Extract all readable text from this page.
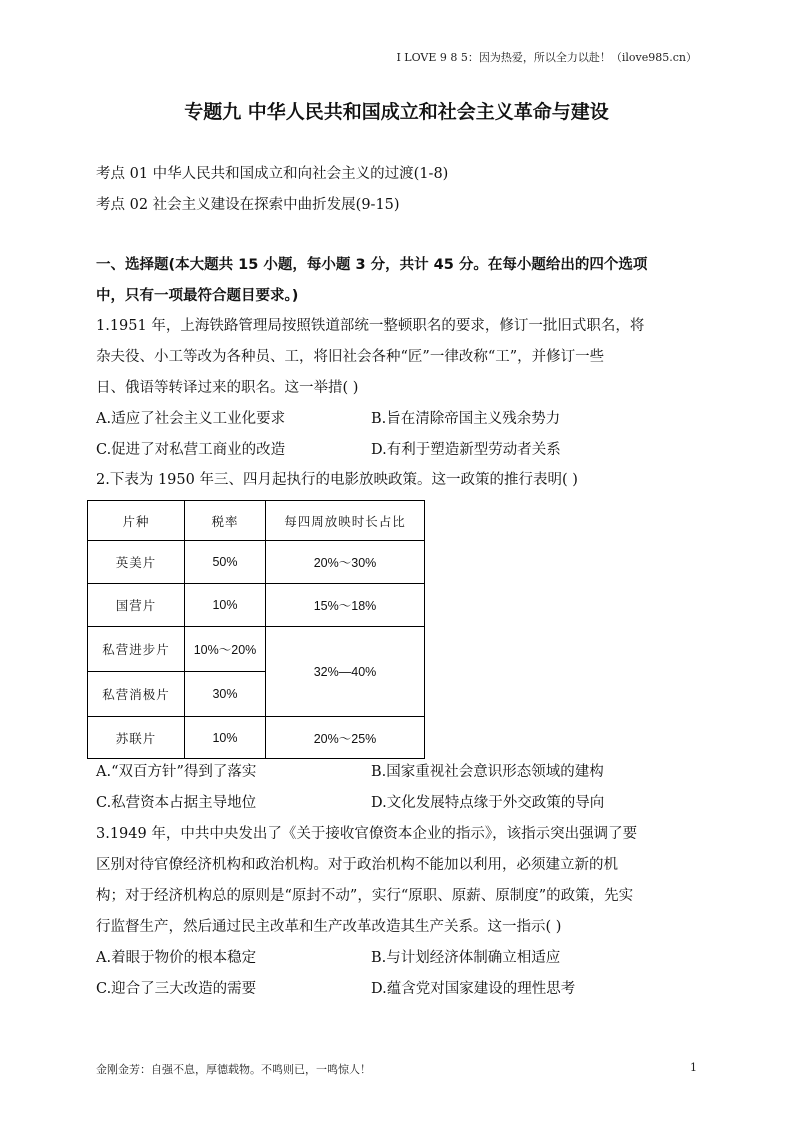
I LOVE 9 8 5：因为热爱，所以全力以赴！（ilove985.cn）
专题九 中华人民共和国成立和社会主义革命与建设
考点 01 中华人民共和国成立和向社会主义的过渡(1-8)
考点 02 社会主义建设在探索中曲折发展(9-15)
一、选择题(本大题共 15 小题，每小题 3 分，共计 45 分。在每小题给出的四个选项
中，只有一项最符合题目要求。)
1.1951 年，上海铁路管理局按照铁道部统一整顿职名的要求，修订一批旧式职名，将
杂夫役、小工等改为各种员、工，将旧社会各种“匠”一律改称“工”，并修订一些
日、俄语等转译过来的职名。这一举措( )
A.适应了社会主义工业化要求	B.旨在清除帝国主义残余势力
C.促进了对私营工商业的改造	D.有利于塑造新型劳动者关系
2.下表为 1950 年三、四月起执行的电影放映政策。这一政策的推行表明( )
片种	税率	每四周放映时长占比
英美片	50%	20%～30%
国营片	10%	15%～18%
私营进步片	10%～20%	32%—40%
私营消极片	30%	
苏联片	10%	20%～25%
A.“双百方针”得到了落实	B.国家重视社会意识形态领域的建构
C.私营资本占据主导地位	D.文化发展特点缘于外交政策的导向
3.1949 年，中共中央发出了《关于接收官僚资本企业的指示》，该指示突出强调了要
区别对待官僚经济机构和政治机构。对于政治机构不能加以利用，必须建立新的机
构；对于经济机构总的原则是“原封不动”，实行“原职、原薪、原制度”的政策，先实
行监督生产，然后通过民主改革和生产改革改造其生产关系。这一指示( )
A.着眼于物价的根本稳定	B.与计划经济体制确立相适应
C.迎合了三大改造的需要	D.蕴含党对国家建设的理性思考
金刚金芳：自强不息，厚德载物。不鸣则已，一鸣惊人！	1
